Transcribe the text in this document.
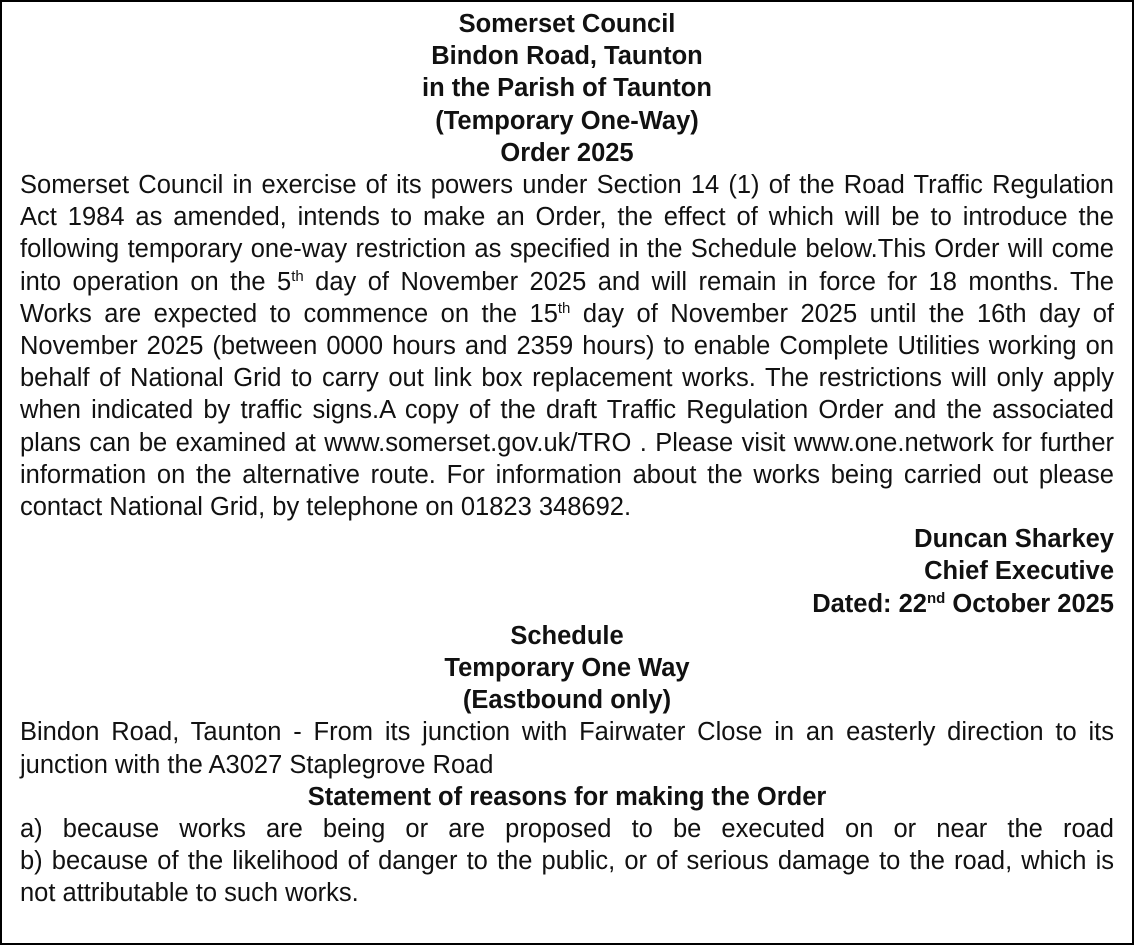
Somerset Council
Bindon Road, Taunton
in the Parish of Taunton
(Temporary One-Way)
Order 2025
Somerset Council in exercise of its powers under Section 14 (1) of the Road Traffic Regulation Act 1984 as amended, intends to make an Order, the effect of which will be to introduce the following temporary one-way restriction as specified in the Schedule below.This Order will come into operation on the 5th day of November 2025 and will remain in force for 18 months. The Works are expected to commence on the 15th day of November 2025 until the 16th day of November 2025 (between 0000 hours and 2359 hours) to enable Complete Utilities working on behalf of National Grid to carry out link box replacement works. The restrictions will only apply when indicated by traffic signs.A copy of the draft Traffic Regulation Order and the associated plans can be examined at www.somerset.gov.uk/TRO . Please visit www.one.network for further information on the alternative route. For information about the works being carried out please contact National Grid, by telephone on 01823 348692.
Duncan Sharkey
Chief Executive
Dated: 22nd October 2025
Schedule
Temporary One Way
(Eastbound only)
Bindon Road, Taunton - From its junction with Fairwater Close in an easterly direction to its junction with the A3027 Staplegrove Road
Statement of reasons for making the Order
a) because works are being or are proposed to be executed on or near the road
b) because of the likelihood of danger to the public, or of serious damage to the road, which is not attributable to such works.
